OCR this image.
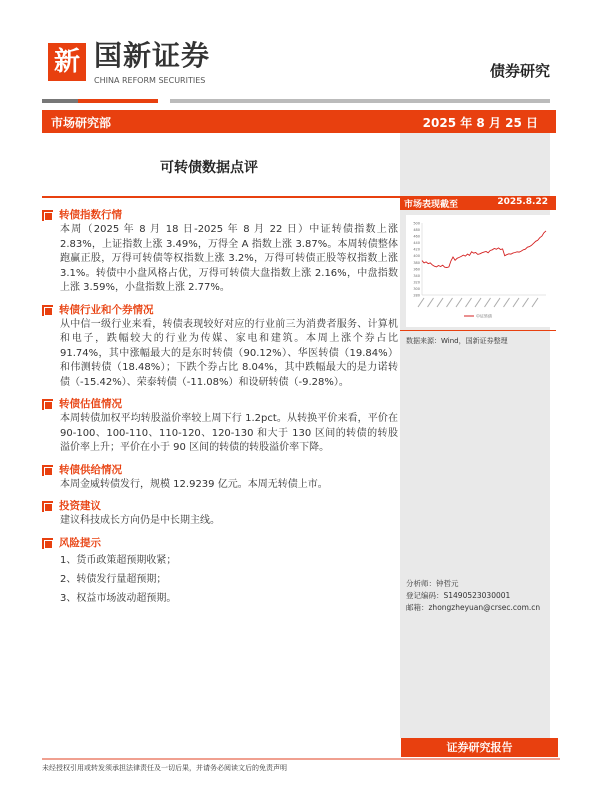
新 国新证券
CHINA REFORM SECURITIES
债券研究
市场研究部	2025 年 8 月 25 日
可转债数据点评
市场表现截至	2025.8.22
280
300
320
340
360
380
400
420
440
460
480
500
中证转债
数据来源：Wind，国新证券整理
分析师：钟哲元
登记编码：S1490523030001
邮箱：zhongzheyuan@crsec.com.cn
证券研究报告
未经授权引用或转发须承担法律责任及一切后果，并请务必阅读文后的免责声明
转债指数行情
本周（2025 年 8 月 18 日-2025 年 8 月 22 日）中证转债指数上涨 2.83%，上证指数上涨 3.49%，万得全 A 指数上涨 3.87%。本周转债整体跑赢正股，万得可转债等权指数上涨 3.2%，万得可转债正股等权指数上涨 3.1%。转债中小盘风格占优，万得可转债大盘指数上涨 2.16%，中盘指数上涨 3.59%，小盘指数上涨 2.77%。
转债行业和个券情况
从中信一级行业来看，转债表现较好对应的行业前三为消费者服务、计算机和电子，跌幅较大的行业为传媒、家电和建筑。本周上涨个券占比 91.74%，其中涨幅最大的是东时转债（90.12%）、华医转债（19.84%）和伟测转债（18.48%）；下跌个券占比 8.04%，其中跌幅最大的是力诺转债（-15.42%）、荣泰转债（-11.08%）和设研转债（-9.28%）。
转债估值情况
本周转债加权平均转股溢价率较上周下行 1.2pct。从转换平价来看，平价在 90-100、100-110、110-120、120-130 和大于 130 区间的转债的转股溢价率上升；平价在小于 90 区间的转债的转股溢价率下降。
转债供给情况
本周金威转债发行，规模 12.9239 亿元。本周无转债上市。
投资建议
建议科技成长方向仍是中长期主线。
风险提示
1、货币政策超预期收紧；
2、转债发行量超预期；
3、权益市场波动超预期。
